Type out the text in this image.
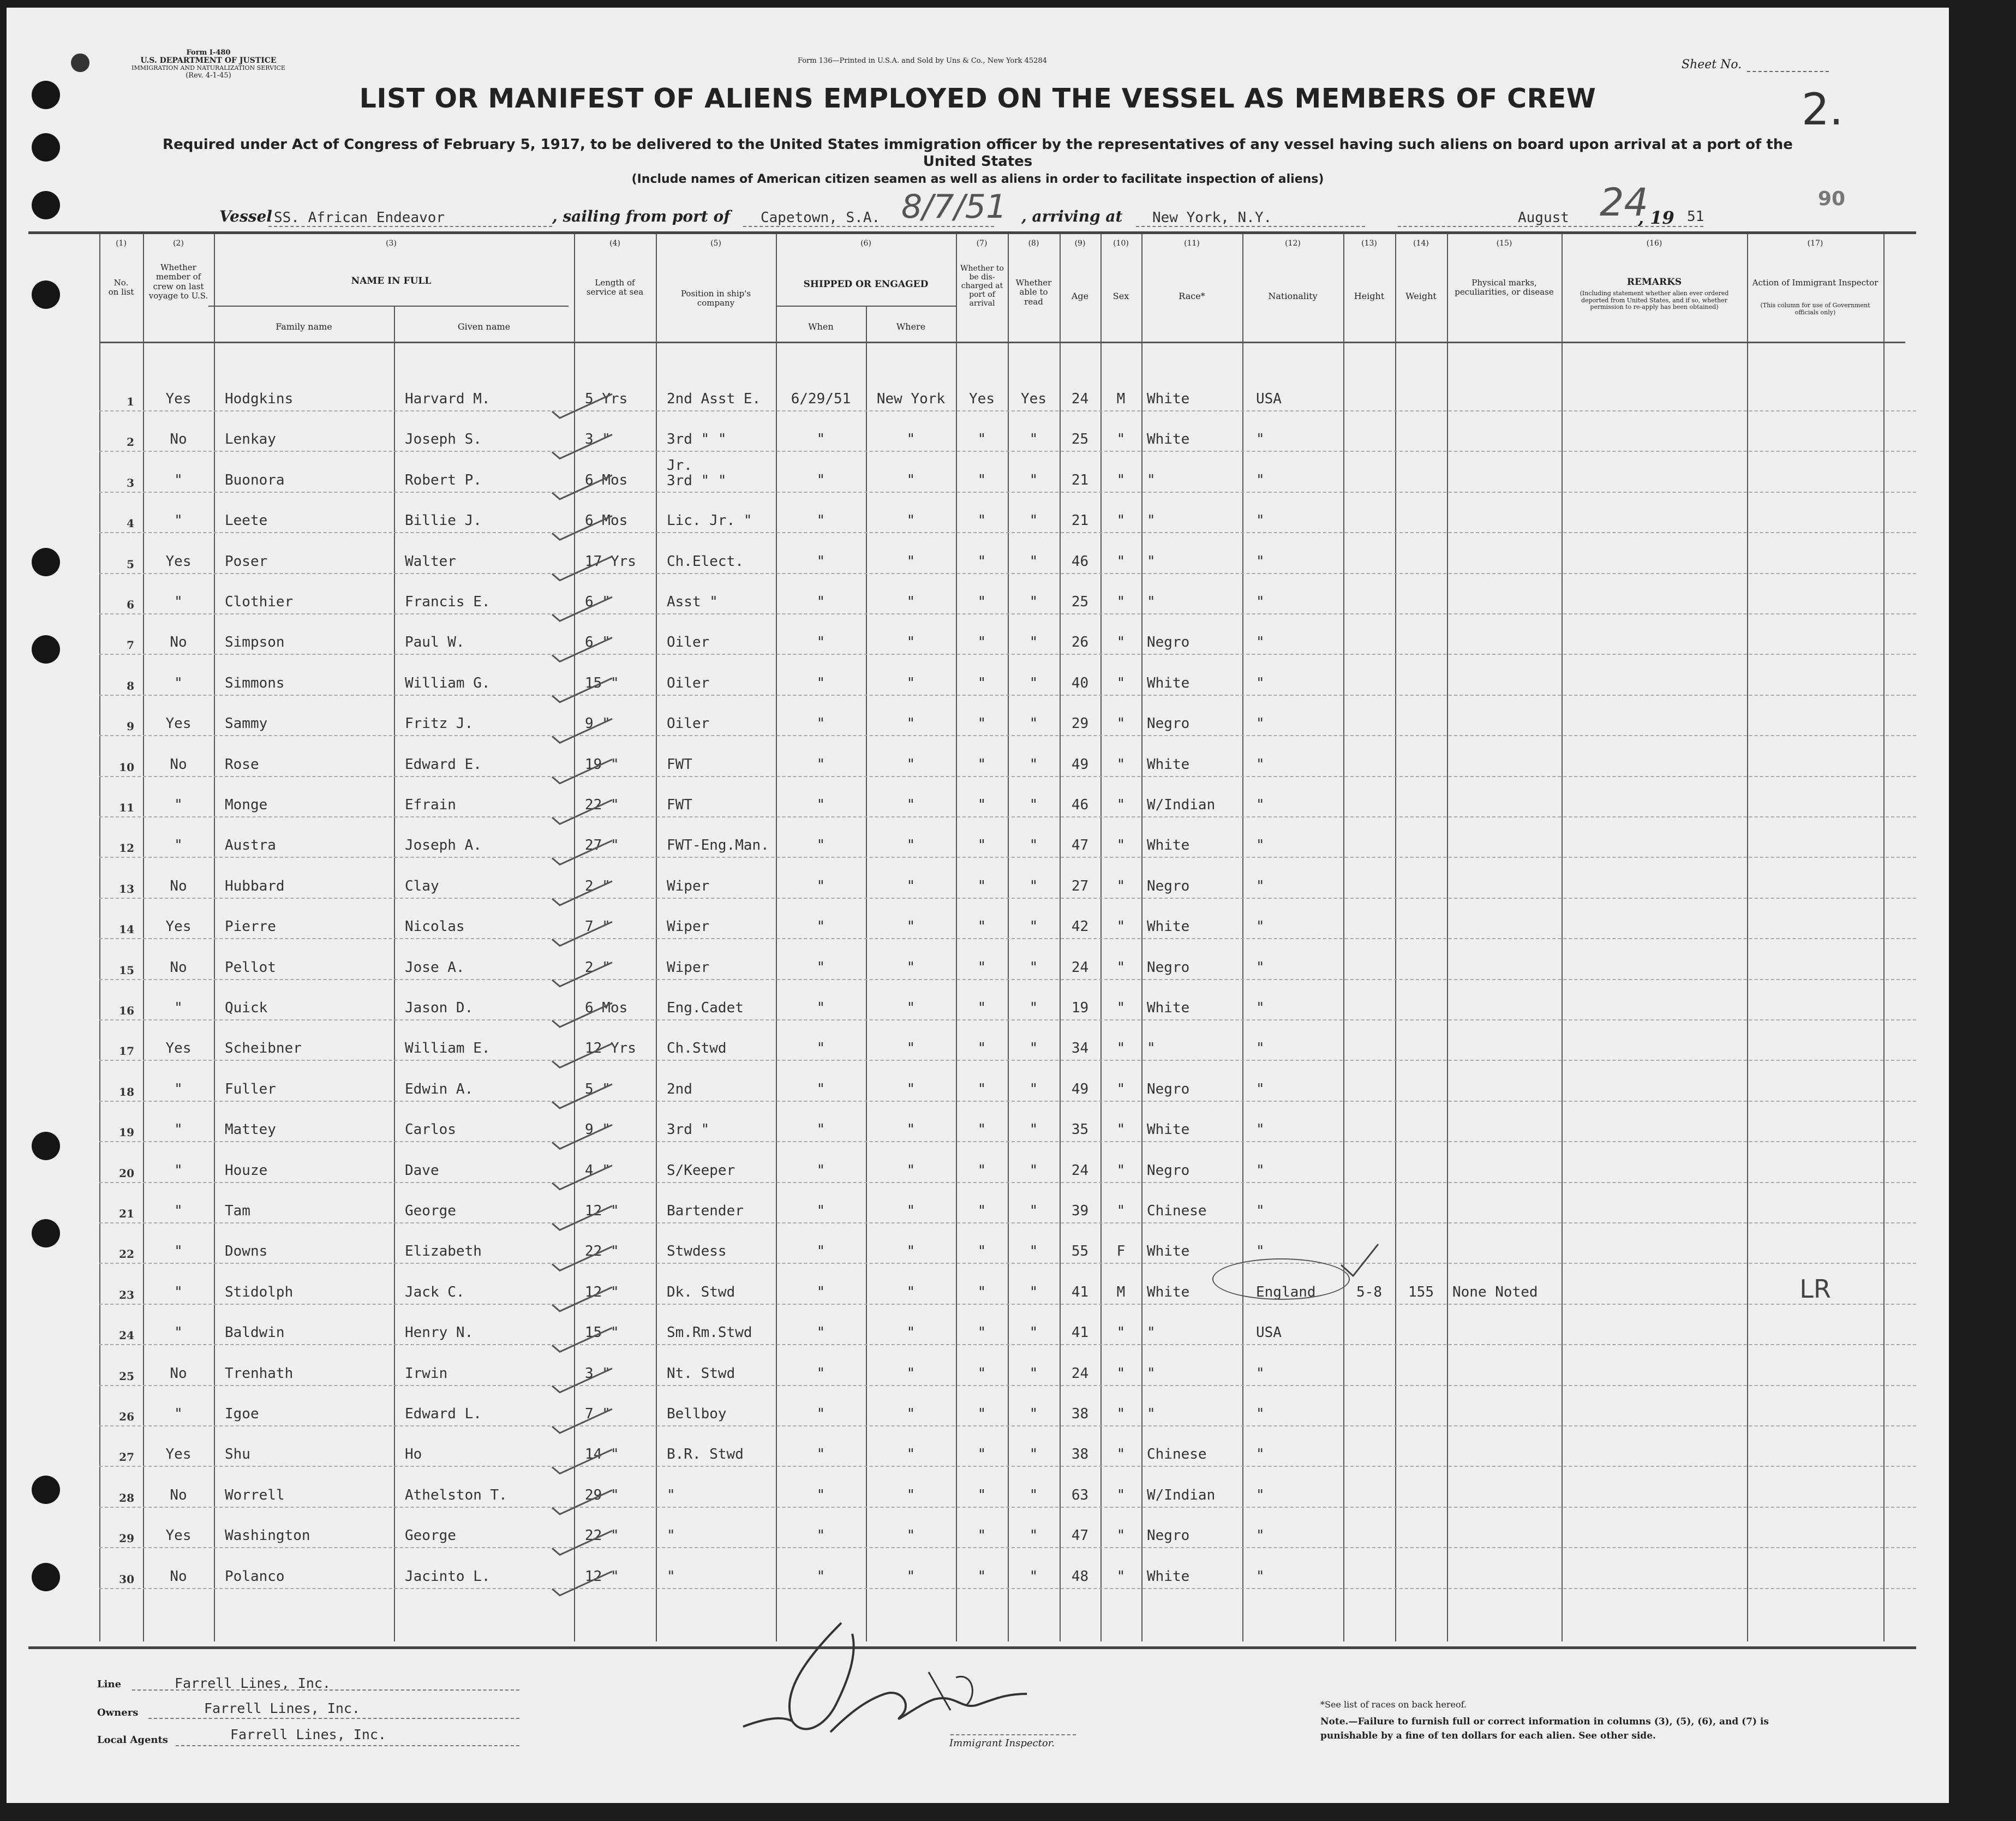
Form I-480
U.S. DEPARTMENT OF JUSTICE
IMMIGRATION AND NATURALIZATION SERVICE
(Rev. 4-1-45)
Form 136—Printed in U.S.A. and Sold by Uns & Co., New York 45284	Sheet No.
2.
LIST OR MANIFEST OF ALIENS EMPLOYED ON THE VESSEL AS MEMBERS OF CREW
Required under Act of Congress of February 5, 1917, to be delivered to the United States immigration officer by the representatives of any vessel having such aliens on board upon arrival at a port of the United States
(Include names of American citizen seamen as well as aliens in order to facilitate inspection of aliens)
90
Vessel SS. African Endeavor	, sailing from port of Capetown, S.A. 8/7/51 , arriving at New York, N.Y.	August 24
, 19 51
(1)
No. on list
(2)
Whether member of crew on last voyage to U.S.
(3)
NAME IN FULL
Family name	Given name
(4)
Length of service at sea
(5)
Position in ship's company
(6)
SHIPPED OR ENGAGED
When	Where
(7)
Whether to be dis-charged at port of arrival
(8)
Whether able to read
(9)
Age
(10)
Sex
(11)
Race*
(12)
Nationality
(13)
Height
(14)
Weight
(15)
Physical marks, peculiarities, or disease
(16)
REMARKS
(Including statement whether alien ever ordered deported from United States, and if so, whether permission to re-apply has been obtained)
(17)
Action of Immigrant Inspector
(This column for use of Government officials only)
1	Yes	Hodgkins	Harvard M.	5 Yrs	2nd Asst E.	6/29/51	New York	Yes	Yes	24	M	White	USA
2	No	Lenkay	Joseph S.	3 "	3rd " "	"	"	"	"	25	"	White	"
3	"	Buonora	Robert P.	6 Mos
Jr.
3rd " "	"	"	"	"	21	"	"	"
4	"	Leete	Billie J.	6 Mos	Lic. Jr. "	"	"	"	"	21	"	"	"
5	Yes	Poser	Walter	17 Yrs	Ch.Elect.	"	"	"	"	46	"	"	"
6	"	Clothier	Francis E.	6 "	Asst "	"	"	"	"	25	"	"	"
7	No	Simpson	Paul W.	6 "	Oiler	"	"	"	"	26	"	Negro	"
8	"	Simmons	William G.	15 "	Oiler	"	"	"	"	40	"	White	"
9	Yes	Sammy	Fritz J.	9 "	Oiler	"	"	"	"	29	"	Negro	"
10	No	Rose	Edward E.	19 "	FWT	"	"	"	"	49	"	White	"
11	"	Monge	Efrain	22 "	FWT	"	"	"	"	46	"	W/Indian	"
12	"	Austra	Joseph A.	27 "	FWT-Eng.Man.	"	"	"	"	47	"	White	"
13	No	Hubbard	Clay	2 "	Wiper	"	"	"	"	27	"	Negro	"
14	Yes	Pierre	Nicolas	7 "	Wiper	"	"	"	"	42	"	White	"
15	No	Pellot	Jose A.	2 "	Wiper	"	"	"	"	24	"	Negro	"
16	"	Quick	Jason D.	6 Mos	Eng.Cadet	"	"	"	"	19	"	White	"
17	Yes	Scheibner	William E.	12 Yrs	Ch.Stwd	"	"	"	"	34	"	"	"
18	"	Fuller	Edwin A.	5 "	2nd	"	"	"	"	49	"	Negro	"
19	"	Mattey	Carlos	9 "	3rd "	"	"	"	"	35	"	White	"
20	"	Houze	Dave	4 "	S/Keeper	"	"	"	"	24	"	Negro	"
21	"	Tam	George	12 "	Bartender	"	"	"	"	39	"	Chinese	"
22	"	Downs	Elizabeth	22 "	Stwdess	"	"	"	"	55	F	White	"
23	"	Stidolph	Jack C.	12 "	Dk. Stwd	"	"	"	"	41	M	White	England	5-8	155	None Noted	LR
24	"	Baldwin	Henry N.	15 "	Sm.Rm.Stwd	"	"	"	"	41	"	"	USA
25	No	Trenhath	Irwin	3 "	Nt. Stwd	"	"	"	"	24	"	"	"
26	"	Igoe	Edward L.	7 "	Bellboy	"	"	"	"	38	"	"	"
27	Yes	Shu	Ho	14 "	B.R. Stwd	"	"	"	"	38	"	Chinese	"
28	No	Worrell	Athelston T.	29 "	"	"	"	"	"	63	"	W/Indian	"
29	Yes	Washington	George	22 "	"	"	"	"	"	47	"	Negro	"
30	No	Polanco	Jacinto L.	12 "	"	"	"	"	"	48	"	White	"
Line	Farrell Lines, Inc.
Owners	Farrell Lines, Inc.
Local Agents	Farrell Lines, Inc.
Immigrant Inspector.
*See list of races on back hereof.
Note.—Failure to furnish full or correct information in columns (3), (5), (6), and (7) is punishable by a fine of ten dollars for each alien. See other side.
